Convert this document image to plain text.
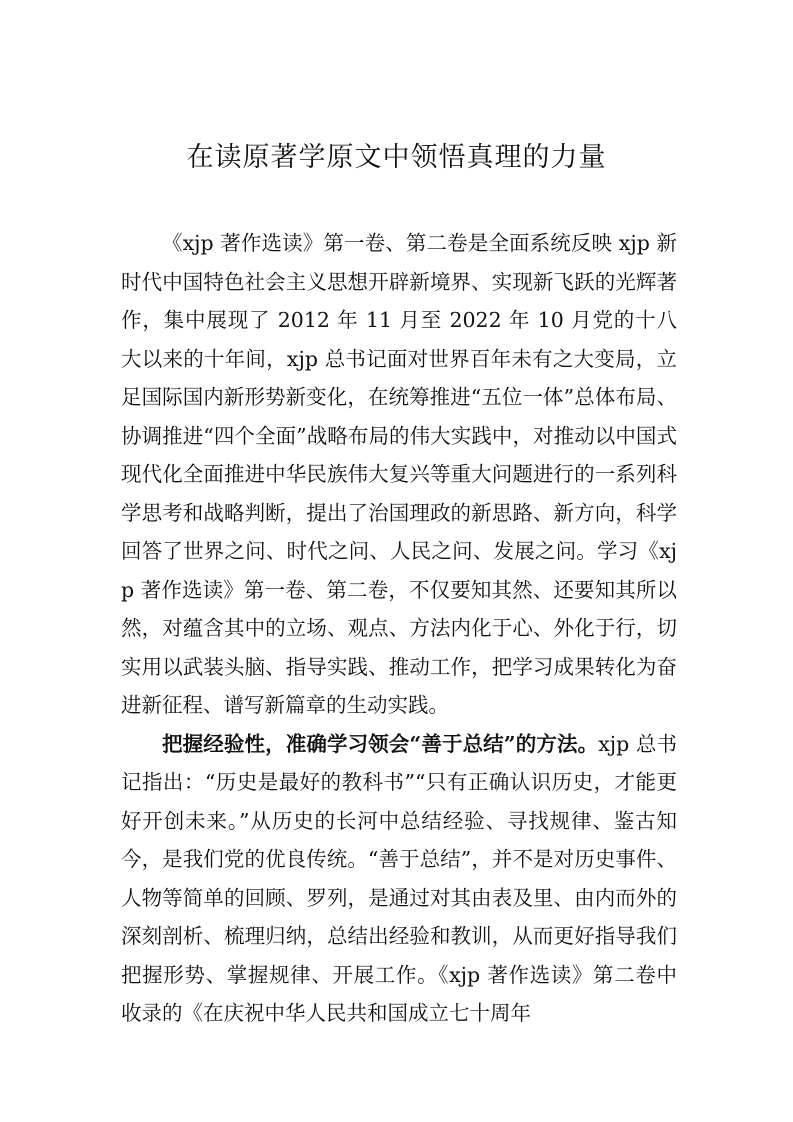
在读原著学原文中领悟真理的力量

《xjp 著作选读》第一卷、第二卷是全面系统反映 xjp 新时代中国特色社会主义思想开辟新境界、实现新飞跃的光辉著作，集中展现了 2012 年 11 月至 2022 年 10 月党的十八大以来的十年间，xjp 总书记面对世界百年未有之大变局，立足国际国内新形势新变化，在统筹推进“五位一体”总体布局、协调推进“四个全面”战略布局的伟大实践中，对推动以中国式现代化全面推进中华民族伟大复兴等重大问题进行的一系列科学思考和战略判断，提出了治国理政的新思路、新方向，科学回答了世界之问、时代之问、人民之问、发展之问。学习《xjp 著作选读》第一卷、第二卷，不仅要知其然、还要知其所以然，对蕴含其中的立场、观点、方法内化于心、外化于行，切实用以武装头脑、指导实践、推动工作，把学习成果转化为奋进新征程、谱写新篇章的生动实践。

把握经验性，准确学习领会“善于总结”的方法。xjp 总书记指出：“历史是最好的教科书”“只有正确认识历史，才能更好开创未来。”从历史的长河中总结经验、寻找规律、鉴古知今，是我们党的优良传统。“善于总结”，并不是对历史事件、人物等简单的回顾、罗列，是通过对其由表及里、由内而外的深刻剖析、梳理归纳，总结出经验和教训，从而更好指导我们把握形势、掌握规律、开展工作。《xjp 著作选读》第二卷中收录的《在庆祝中华人民共和国成立七十周年
